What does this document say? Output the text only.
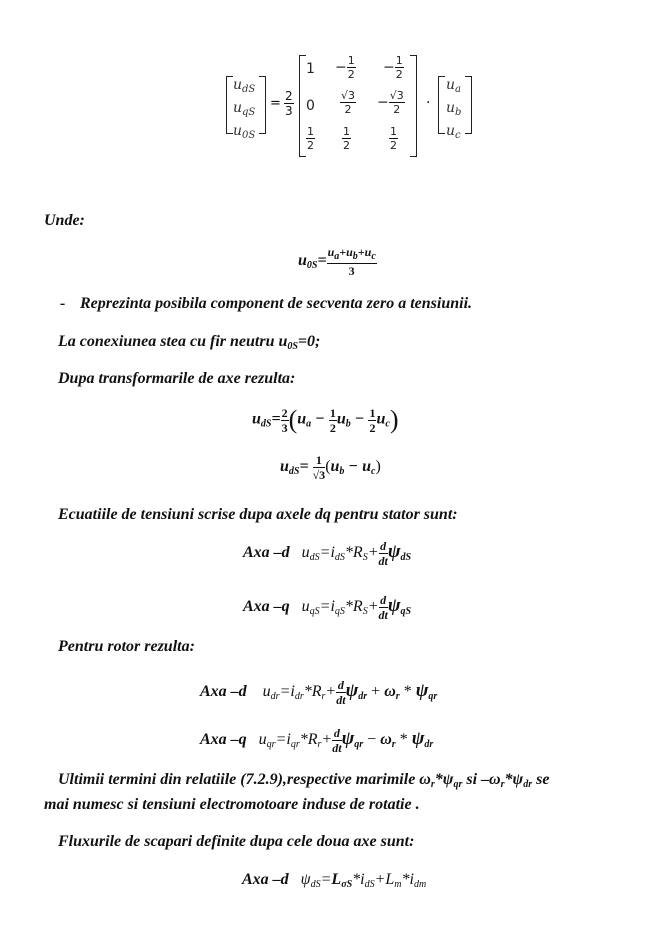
$u_{dS}$
$u_{qS}$
$u_{0S}$
= $\frac{2}{3}$
$1 - \frac{1}{2} - \frac{1}{2}$
$0 \frac{√3}{2} - \frac{√3}{2}$
$\frac{1}{2} \frac{1}{2}$	$\frac{1}{2}$
·
$u_a$
$u_b$
$u_c$
Unde:
$u_{0S}= \frac{u_a+u_b+u_c}{3}$
- Reprezinta posibila component de secventa zero a tensiunii.
La conexiunea stea cu fir neutru $u_{0S}=0$;
Dupa transformarile de axe rezulta:
$u_{dS}= \frac{2}{3} (u_a - \frac{1}{2} u_b - \frac{1}{2} u_c)$
$u_{dS}= \frac{1}{√3} (u_b - u_c)$
Ecuatiile de tensiuni scrise dupa axele dq pentru stator sunt:
Axa –d   $u_{dS}=i_{dS}*R_S+ \frac{d}{dt} \psi_{dS}$
Axa –q   $u_{qS}=i_{qS}*R_S+ \frac{d}{dt} \psi_{qS}$
Pentru rotor rezulta:
Axa –d    $u_{dr}=i_{dr}*R_r+ \frac{d}{dt} \psi_{dr} + \omega_r * \psi_{qr}$
Axa –q   $u_{qr}=i_{qr}*R_r+ \frac{d}{dt} \psi_{qr} - \omega_r * \psi_{dr}$
Ultimii termini din relatiile (7.2.9),respective marimile $\omega_r*\psi_{qr}$ si $-\omega_r*\psi_{dr}$ se
mai numesc si tensiuni electromotoare induse de rotatie .
Fluxurile de scapari definite dupa cele doua axe sunt:
Axa –d   $\psi_{dS}=L_{\sigma S}*i_{dS}+L_m*i_{dm}$
